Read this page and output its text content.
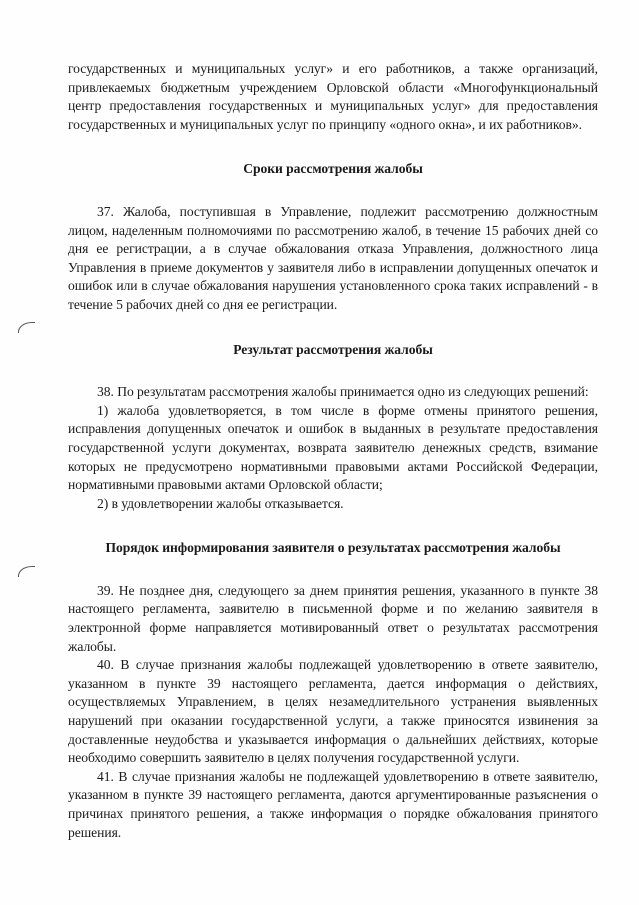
государственных и муниципальных услуг» и его работников, а также организаций, привлекаемых бюджетным учреждением Орловской области «Многофункциональный центр предоставления государственных и муниципальных услуг» для предоставления государственных и муниципальных услуг по принципу «одного окна», и их работников».

Сроки рассмотрения жалобы

37. Жалоба, поступившая в Управление, подлежит рассмотрению должностным лицом, наделенным полномочиями по рассмотрению жалоб, в течение 15 рабочих дней со дня ее регистрации, а в случае обжалования отказа Управления, должностного лица Управления в приеме документов у заявителя либо в исправлении допущенных опечаток и ошибок или в случае обжалования нарушения установленного срока таких исправлений - в течение 5 рабочих дней со дня ее регистрации.

Результат рассмотрения жалобы

38. По результатам рассмотрения жалобы принимается одно из следующих решений:

1) жалоба удовлетворяется, в том числе в форме отмены принятого решения, исправления допущенных опечаток и ошибок в выданных в результате предоставления государственной услуги документах, возврата заявителю денежных средств, взимание которых не предусмотрено нормативными правовыми актами Российской Федерации, нормативными правовыми актами Орловской области;

2) в удовлетворении жалобы отказывается.

Порядок информирования заявителя о результатах рассмотрения жалобы

39. Не позднее дня, следующего за днем принятия решения, указанного в пункте 38 настоящего регламента, заявителю в письменной форме и по желанию заявителя в электронной форме направляется мотивированный ответ о результатах рассмотрения жалобы.

40. В случае признания жалобы подлежащей удовлетворению в ответе заявителю, указанном в пункте 39 настоящего регламента, дается информация о действиях, осуществляемых Управлением, в целях незамедлительного устранения выявленных нарушений при оказании государственной услуги, а также приносятся извинения за доставленные неудобства и указывается информация о дальнейших действиях, которые необходимо совершить заявителю в целях получения государственной услуги.

41. В случае признания жалобы не подлежащей удовлетворению в ответе заявителю, указанном в пункте 39 настоящего регламента, даются аргументированные разъяснения о причинах принятого решения, а также информация о порядке обжалования принятого решения.
